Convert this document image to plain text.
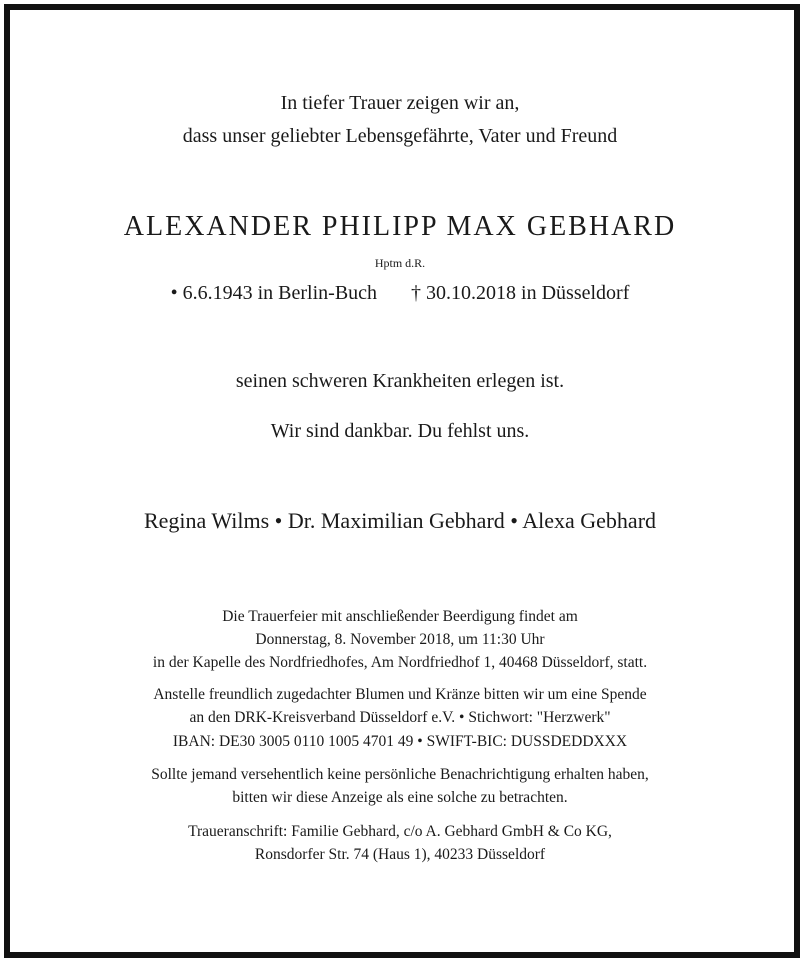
In tiefer Trauer zeigen wir an,
dass unser geliebter Lebensgefährte, Vater und Freund
ALEXANDER PHILIPP MAX GEBHARD
Hptm d.R.
• 6.6.1943 in Berlin-Buch † 30.10.2018 in Düsseldorf
seinen schweren Krankheiten erlegen ist.
Wir sind dankbar. Du fehlst uns.
Regina Wilms • Dr. Maximilian Gebhard • Alexa Gebhard
Die Trauerfeier mit anschließender Beerdigung findet am
Donnerstag, 8. November 2018, um 11:30 Uhr
in der Kapelle des Nordfriedhofes, Am Nordfriedhof 1, 40468 Düsseldorf, statt.
Anstelle freundlich zugedachter Blumen und Kränze bitten wir um eine Spende
an den DRK-Kreisverband Düsseldorf e.V. • Stichwort: "Herzwerk"
IBAN: DE30 3005 0110 1005 4701 49 • SWIFT-BIC: DUSSDEDDXXX
Sollte jemand versehentlich keine persönliche Benachrichtigung erhalten haben,
bitten wir diese Anzeige als eine solche zu betrachten.
Traueranschrift: Familie Gebhard, c/o A. Gebhard GmbH & Co KG,
Ronsdorfer Str. 74 (Haus 1), 40233 Düsseldorf
